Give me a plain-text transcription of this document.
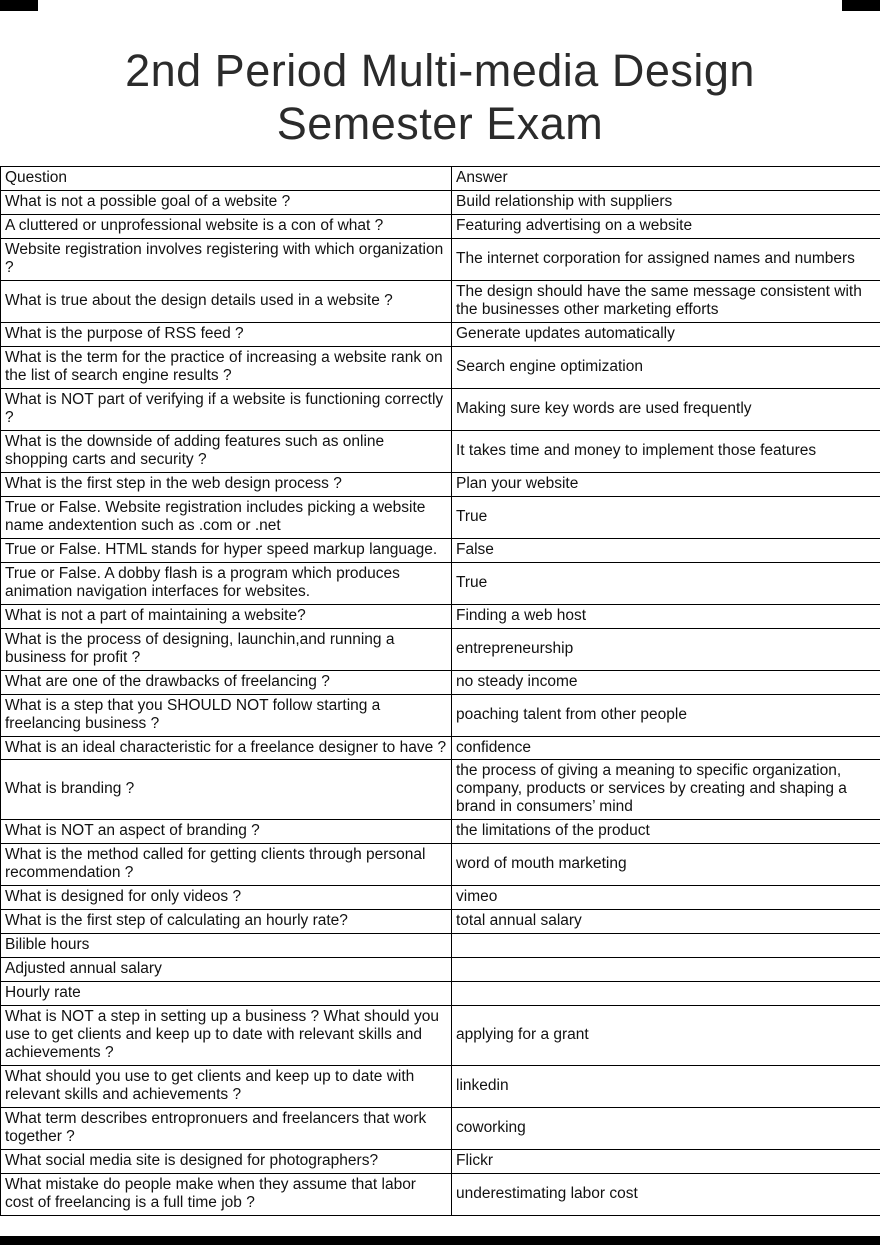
2nd Period Multi-media Design
Semester Exam
Question	Answer
What is not a possible goal of a website ?	Build relationship with suppliers
A cluttered or unprofessional website is a con of what ?	Featuring advertising on a website
Website registration involves registering with which organization ?	The internet corporation for assigned names and numbers
What is true about the design details used in a website ?	The design should have the same message consistent with the businesses other marketing efforts
What is the purpose of RSS feed ?	Generate updates automatically
What is the term for the practice of increasing a website rank on the list of search engine results ?	Search engine optimization
What is NOT part of verifying if a website is functioning correctly ?	Making sure key words are used frequently
What is the downside of adding features such as online shopping carts and security ?	It takes time and money to implement those features
What is the first step in the web design process ?	Plan your website
True or False. Website registration includes picking a website name andextention such as .com or .net	True
True or False. HTML stands for hyper speed markup language.	False
True or False. A dobby flash is a program which produces animation navigation interfaces for websites.	True
What is not a part of maintaining a website?	Finding a web host
What is the process of designing, launchin,and running a business for profit ?	entrepreneurship
What are one of the drawbacks of freelancing ?	no steady income
What is a step that you SHOULD NOT follow starting a freelancing business ?	poaching talent from other people
What is an ideal characteristic for a freelance designer to have ?	confidence
What is branding ?	the process of giving a meaning to specific organization, company, products or services by creating and shaping a brand in consumers’ mind
What is NOT an aspect of branding ?	the limitations of the product
What is the method called for getting clients through personal recommendation ?	word of mouth marketing
What is designed for only videos ?	vimeo
What is the first step of calculating an hourly rate?	total annual salary
Bilible hours	
Adjusted annual salary	
Hourly rate	
What is NOT a step in setting up a business ? What should you use to get clients and keep up to date with relevant skills and achievements ?	applying for a grant
What should you use to get clients and keep up to date with relevant skills and achievements ?	linkedin
What term describes entropronuers and freelancers that work together ?	coworking
What social media site is designed for photographers?	Flickr
What mistake do people make when they assume that labor cost of freelancing is a full time job ?	underestimating labor cost
